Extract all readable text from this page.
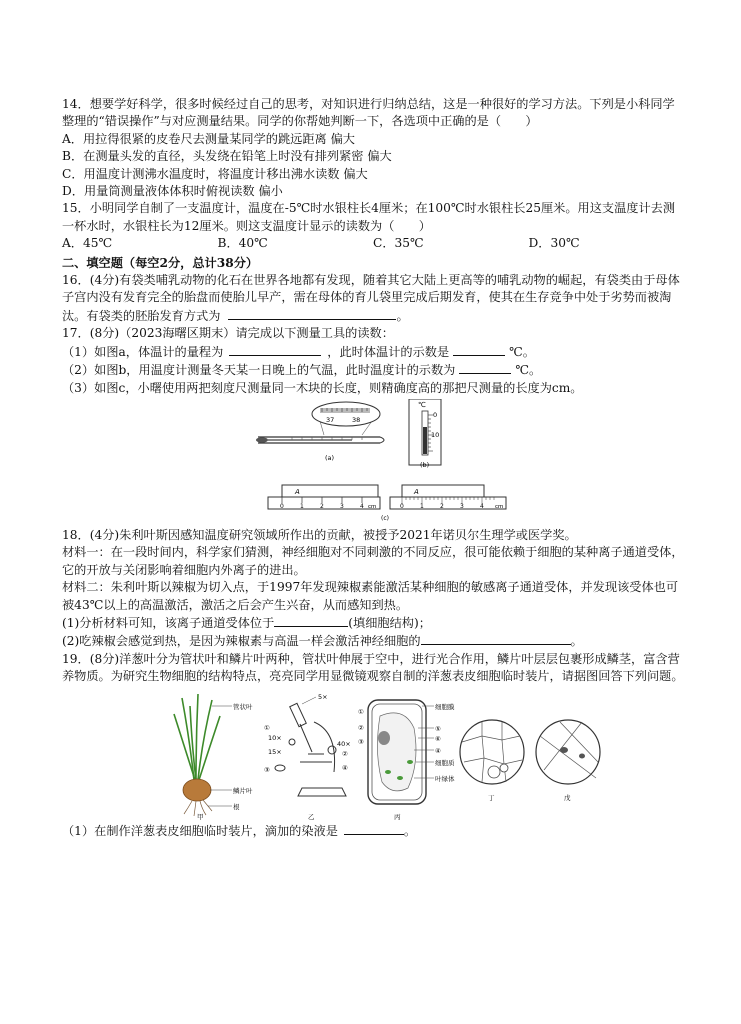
14．想要学好科学，很多时候经过自己的思考，对知识进行归纳总结，这是一种很好的学习方法。下列是小科同学整理的“错误操作”与对应测量结果。同学的你帮她判断一下，各选项中正确的是（　　）

A．用拉得很紧的皮卷尺去测量某同学的跳远距离 偏大

B．在测量头发的直径，头发绕在铅笔上时没有排列紧密 偏大

C．用温度计测沸水温度时，将温度计移出沸水读数 偏大

D．用量筒测量液体体积时俯视读数 偏小

15．小明同学自制了一支温度计，温度在-5℃时水银柱长4厘米；在100℃时水银柱长25厘米。用这支温度计去测一杯水时，水银柱长为12厘米。则这支温度计显示的读数为（　　）

A．45℃	B．40℃	C．35℃	D．30℃

二、填空题（每空2分，总计38分）

16．(4分)有袋类哺乳动物的化石在世界各地都有发现，随着其它大陆上更高等的哺乳动物的崛起，有袋类由于母体子宫内没有发育完全的胎盘而使胎儿早产，需在母体的育儿袋里完成后期发育，使其在生存竞争中处于劣势而被淘汰。有袋类的胚胎发育方式为	。

17．(8分)（2023海曙区期末）请完成以下测量工具的读数：

（1）如图a，体温计的量程为	，此时体温计的示数是	℃。

（2）如图b，用温度计测量冬天某一日晚上的气温，此时温度计的示数为	℃。

（3）如图c，小曙使用两把刻度尺测量同一木块的长度，则精确度高的那把尺测量的长度为cm。

37	38
(a)
℃
0
10
(b)
A
0	1	2	3	4 cm
A
0	1	2	3	4 cm
(c)

18．(4分)朱利叶斯因感知温度研究领域所作出的贡献，被授予2021年诺贝尔生理学或医学奖。

材料一：在一段时间内，科学家们猜测，神经细胞对不同刺激的不同反应，很可能依赖于细胞的某种离子通道受体，它的开放与关闭影响着细胞内外离子的进出。

材料二：朱利叶斯以辣椒为切入点，于1997年发现辣椒素能激活某种细胞的敏感离子通道受体，并发现该受体也可被43℃以上的高温激活，激活之后会产生兴奋，从而感知到热。

(1)分析材料可知，该离子通道受体位于	(填细胞结构)；

(2)吃辣椒会感觉到热，是因为辣椒素与高温一样会激活神经细胞的	。

19．(8分)洋葱叶分为管状叶和鳞片叶两种，管状叶伸展于空中，进行光合作用，鳞片叶层层包裹形成鳞茎，富含营养物质。为研究生物细胞的结构特点，亮亮同学用显微镜观察自制的洋葱表皮细胞临时装片，请据图回答下列问题。

管状叶
鳞片叶
根
甲
5×
10×
15×
40×
①
②
③	④
乙
细胞膜
⑤
⑥
④
细胞质
叶绿体
①
②
③
丙
丁	戊

（1）在制作洋葱表皮细胞临时装片，滴加的染液是	。
